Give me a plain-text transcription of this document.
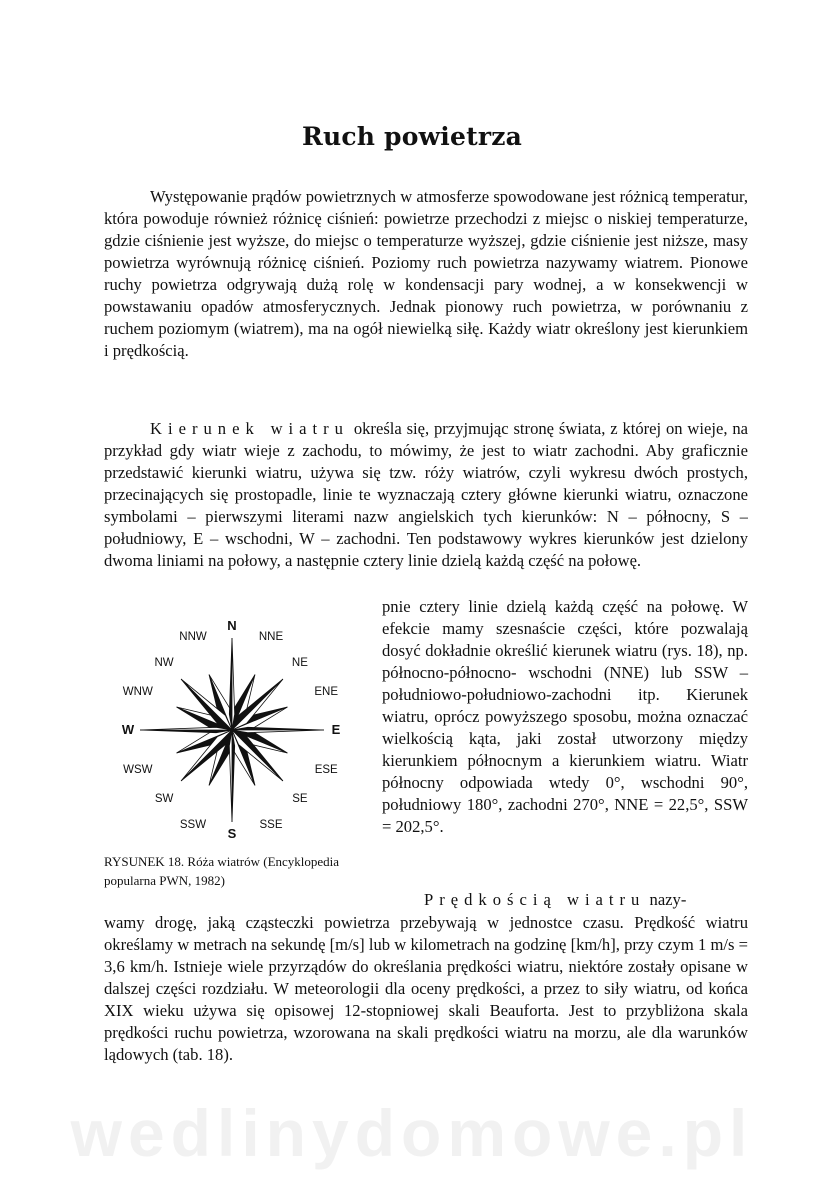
Ruch powietrza

Występowanie prądów powietrznych w atmosferze spowodowane jest różnicą temperatur, która powoduje również różnicę ciśnień: powietrze przechodzi z miejsc o niskiej temperaturze, gdzie ciśnienie jest wyższe, do miejsc o temperaturze wyższej, gdzie ciśnienie jest niższe, masy powietrza wyrównują różnicę ciśnień. Poziomy ruch powietrza nazywamy wiatrem. Pionowe ruchy powietrza odgrywają dużą rolę w kondensacji pary wodnej, a w konsekwencji w powstawaniu opadów atmosferycznych. Jednak pionowy ruch powietrza, w porównaniu z ruchem poziomym (wiatrem), ma na ogół niewielką siłę. Każdy wiatr określony jest kierunkiem i prędkością.

Kierunek wiatru określa się, przyjmując stronę świata, z której on wieje, na przykład gdy wiatr wieje z zachodu, to mówimy, że jest to wiatr zachodni. Aby graficznie przedstawić kierunki wiatru, używa się tzw. róży wiatrów, czyli wykresu dwóch prostych, przecinających się prostopadle, linie te wyznaczają cztery główne kierunki wiatru, oznaczone symbolami – pierwszymi literami nazw angielskich tych kierunków: N – północny, S – południowy, E – wschodni, W – zachodni. Ten podstawowy wykres kierunków jest dzielony dwoma liniami na połowy, a następnie cztery linie dzielą każdą część na połowę.

N
NNE
NE
ENE
E
ESE
SE
SSE
S
SSW
SW
WSW
W
WNW
NW
NNW

RYSUNEK 18. Róża wiatrów (Encyklopedia popularna PWN, 1982)

pnie cztery linie dzielą każdą część na połowę. W efekcie mamy szesnaście części, które pozwalają dosyć dokładnie określić kierunek wiatru (rys. 18), np. północno-północno- wschodni (NNE) lub SSW – południowo-południowo-zachodni itp. Kierunek wiatru, oprócz powyższego sposobu, można oznaczać wielkością kąta, jaki został utworzony między kierunkiem północnym a kierunkiem wiatru. Wiatr północny odpowiada wtedy 0°, wschodni 90°, południowy 180°, zachodni 270°, NNE = 22,5°, SSW = 202,5°.

Prędkością wiatru nazy-

wamy drogę, jaką cząsteczki powietrza przebywają w jednostce czasu. Prędkość wiatru określamy w metrach na sekundę [m/s] lub w kilometrach na godzinę [km/h], przy czym 1 m/s = 3,6 km/h. Istnieje wiele przyrządów do określania prędkości wiatru, niektóre zostały opisane w dalszej części rozdziału. W meteorologii dla oceny prędkości, a przez to siły wiatru, od końca XIX wieku używa się opisowej 12-stopniowej skali Beauforta. Jest to przybliżona skala prędkości ruchu powietrza, wzorowana na skali prędkości wiatru na morzu, ale dla warunków lądowych (tab. 18).

wedlinydomowe.pl
